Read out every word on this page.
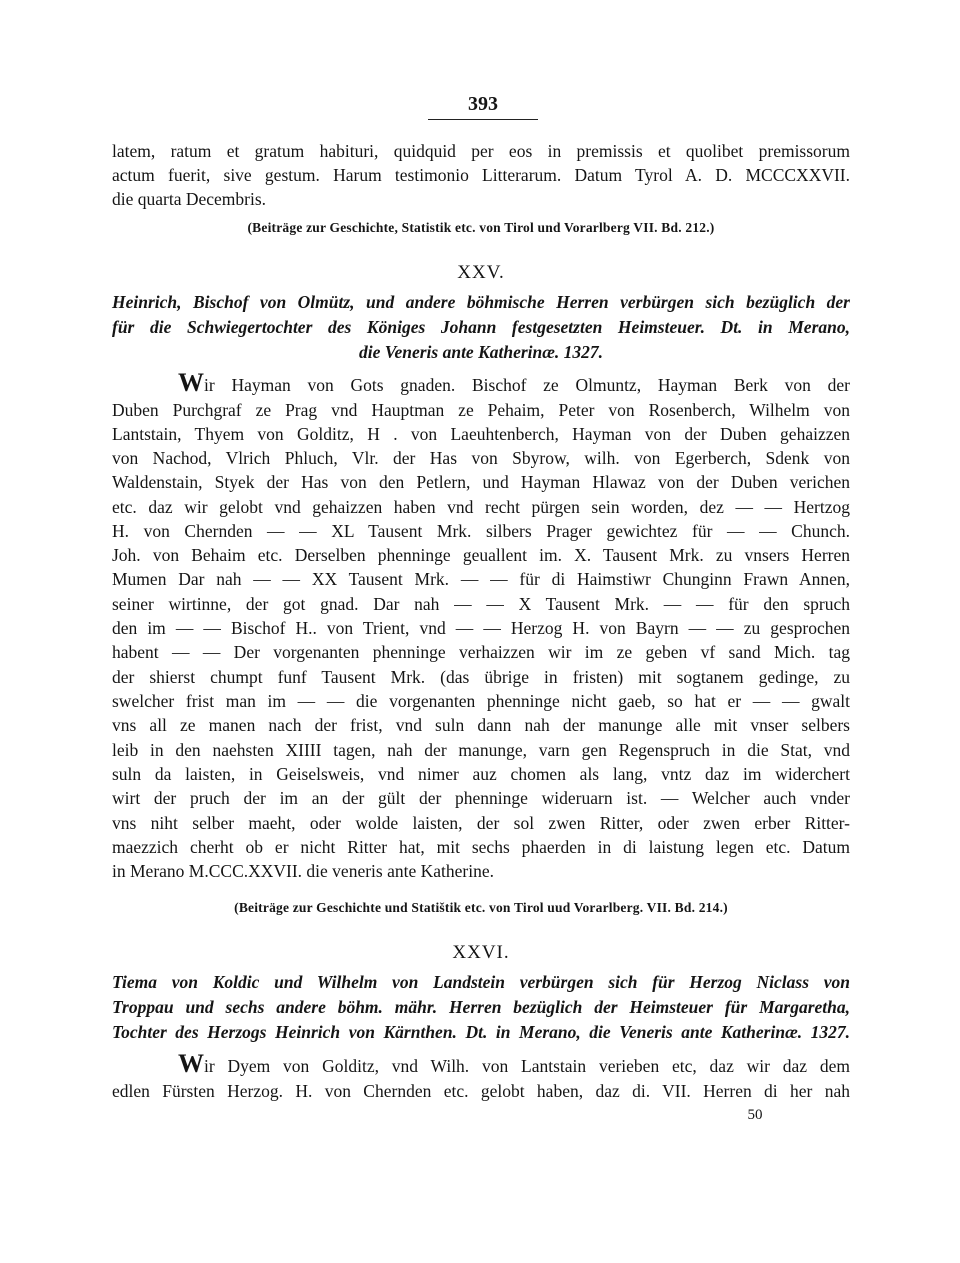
393
latem, ratum et gratum habituri, quidquid per eos in premissis et quolibet premissorum
actum fuerit, sive gestum. Harum testimonio Litterarum. Datum Tyrol A. D. MCCCXXVII.
die quarta Decembris.
(Beiträge zur Geschichte, Statistik etc. von Tirol und Vorarlberg VII. Bd. 212.)
XXV.
Heinrich, Bischof von Olmütz, und andere böhmische Herren verbürgen sich bezüglich der
für die Schwiegertochter des Königes Johann festgesetzten Heimsteuer. Dt. in Merano,
die Veneris ante Katherinæ. 1327.
Wir Hayman von Gots gnaden. Bischof ze Olmuntz, Hayman Berk von der
Duben Purchgraf ze Prag vnd Hauptman ze Pehaim, Peter von Rosenberch, Wilhelm von
Lantstain, Thyem von Golditz, H . von Laeuhtenberch, Hayman von der Duben gehaizzen
von Nachod, Vlrich Phluch, Vlr. der Has von Sbyrow, wilh. von Egerberch, Sdenk von
Waldenstain, Styek der Has von den Petlern, und Hayman Hlawaz von der Duben verichen
etc. daz wir gelobt vnd gehaizzen haben vnd recht pürgen sein worden, dez — — Hertzog
H. von Chernden — — XL Tausent Mrk. silbers Prager gewichtez für — — Chunch.
Joh. von Behaim etc. Derselben phenninge geuallent im. X. Tausent Mrk. zu vnsers Herren
Mumen Dar nah — — XX Tausent Mrk. — — für di Haimstiwr Chunginn Frawn Annen,
seiner wirtinne, der got gnad. Dar nah — — X Tausent Mrk. — — für den spruch
den im — — Bischof H.. von Trient, vnd — — Herzog H. von Bayrn — — zu gesprochen
habent — — Der vorgenanten phenninge verhaizzen wir im ze geben vf sand Mich. tag
der shierst chumpt funf Tausent Mrk. (das übrige in fristen) mit sogtanem gedinge, zu
swelcher frist man im — — die vorgenanten phenninge nicht gaeb, so hat er — — gwalt
vns all ze manen nach der frist, vnd suln dann nah der manunge alle mit vnser selbers
leib in den naehsten XIIII tagen, nah der manunge, varn gen Regenspruch in die Stat, vnd
suln da laisten, in Geiselsweis, vnd nimer auz chomen als lang, vntz daz im widerchert
wirt der pruch der im an der gült der phenninge wideruarn ist. — Welcher auch vnder
vns niht selber maeht, oder wolde laisten, der sol zwen Ritter, oder zwen erber Ritter-
maezzich cherht ob er nicht Ritter hat, mit sechs phaerden in di laistung legen etc. Datum
in Merano M.CCC.XXVII. die veneris ante Katherine.
(Beiträge zur Geschichte und Statištik etc. von Tirol uud Vorarlberg. VII. Bd. 214.)
XXVI.
Tiema von Koldic und Wilhelm von Landstein verbürgen sich für Herzog Niclass von
Troppau und sechs andere böhm. mähr. Herren bezüglich der Heimsteuer für Margaretha,
Tochter des Herzogs Heinrich von Kärnthen. Dt. in Merano, die Veneris ante Katherinæ. 1327.
Wir Dyem von Golditz, vnd Wilh. von Lantstain verieben etc, daz wir daz dem
edlen Fürsten Herzog. H. von Chernden etc. gelobt haben, daz di. VII. Herren di her nah
50
